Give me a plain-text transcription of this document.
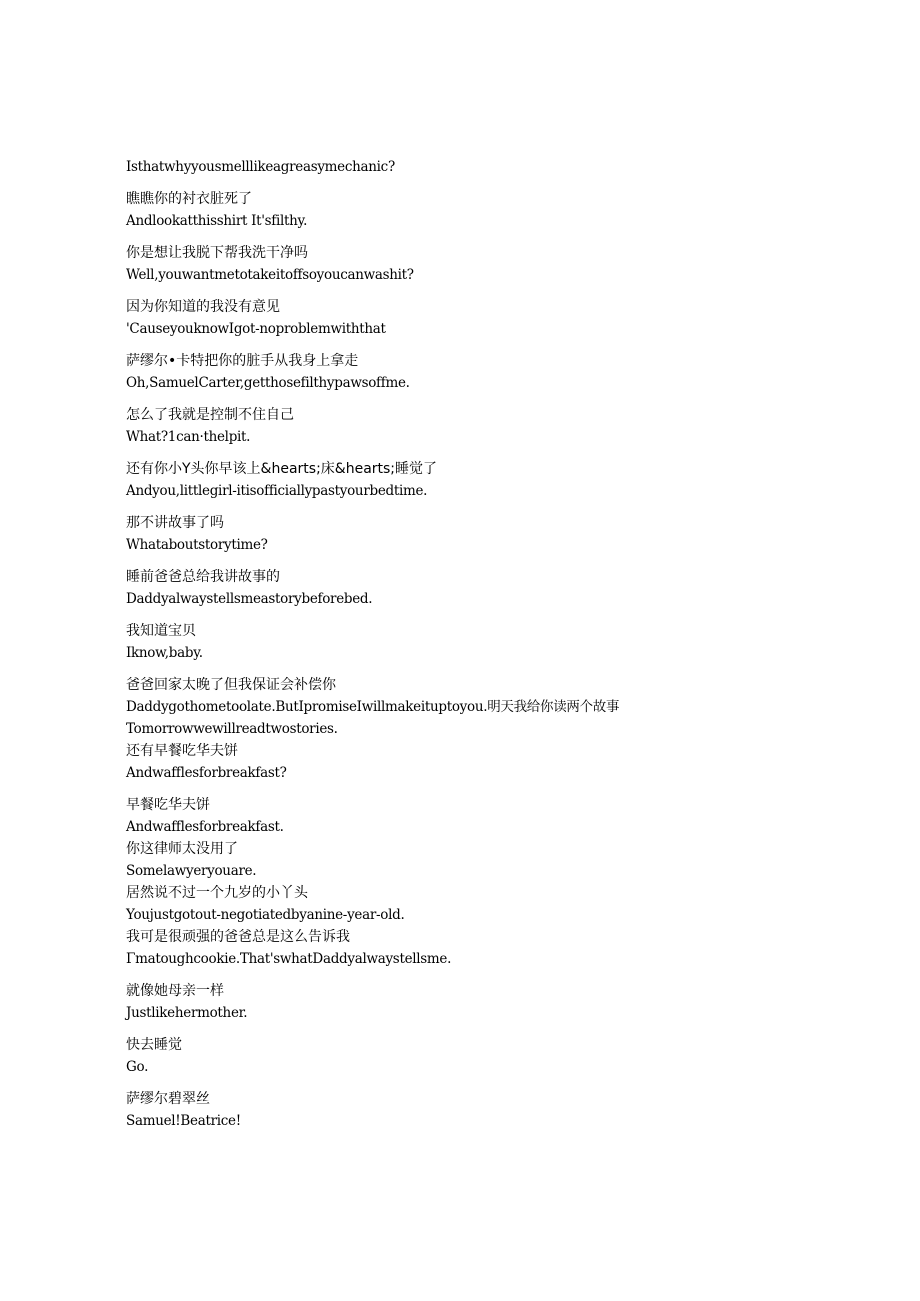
Isthatwhyyousmelllikeagreasymechanic?
瞧瞧你的衬衣脏死了
Andlookatthisshirt It'sfilthy.
你是想让我脱下帮我洗干净吗
Well,youwantmetotakeitoffsoyoucanwashit?
因为你知道的我没有意见
'CauseyouknowIgot-noproblemwiththat
萨缪尔•卡特把你的脏手从我身上拿走
Oh,SamuelCarter,getthosefilthypawsoffme.
怎么了我就是控制不住自己
What?1can·thelpit.
还有你小Y头你早该上&hearts;床&hearts;睡觉了
Andyou,littlegirl-itisofficiallypastyourbedtime.
那不讲故事了吗
Whataboutstorytime?
睡前爸爸总给我讲故事的
Daddyalwaystellsmeastorybeforebed.
我知道宝贝
Iknow,baby.
爸爸回家太晚了但我保证会补偿你
Daddygothometoolate.ButIpromiseIwillmakeituptoyou.明天我给你读两个故事
Tomorrowwewillreadtwostories.
还有早餐吃华夫饼
Andwafflesforbreakfast?
早餐吃华夫饼
Andwafflesforbreakfast.
你这律师太没用了
Somelawyeryouare.
居然说不过一个九岁的小丫头
Youjustgotout-negotiatedbyanine-year-old.
我可是很顽强的爸爸总是这么告诉我
Γmatoughcookie.That'swhatDaddyalwaystellsme.
就像她母亲一样
Justlikehermother.
快去睡觉
Go.
萨缪尔碧翠丝
Samuel!Beatrice!
